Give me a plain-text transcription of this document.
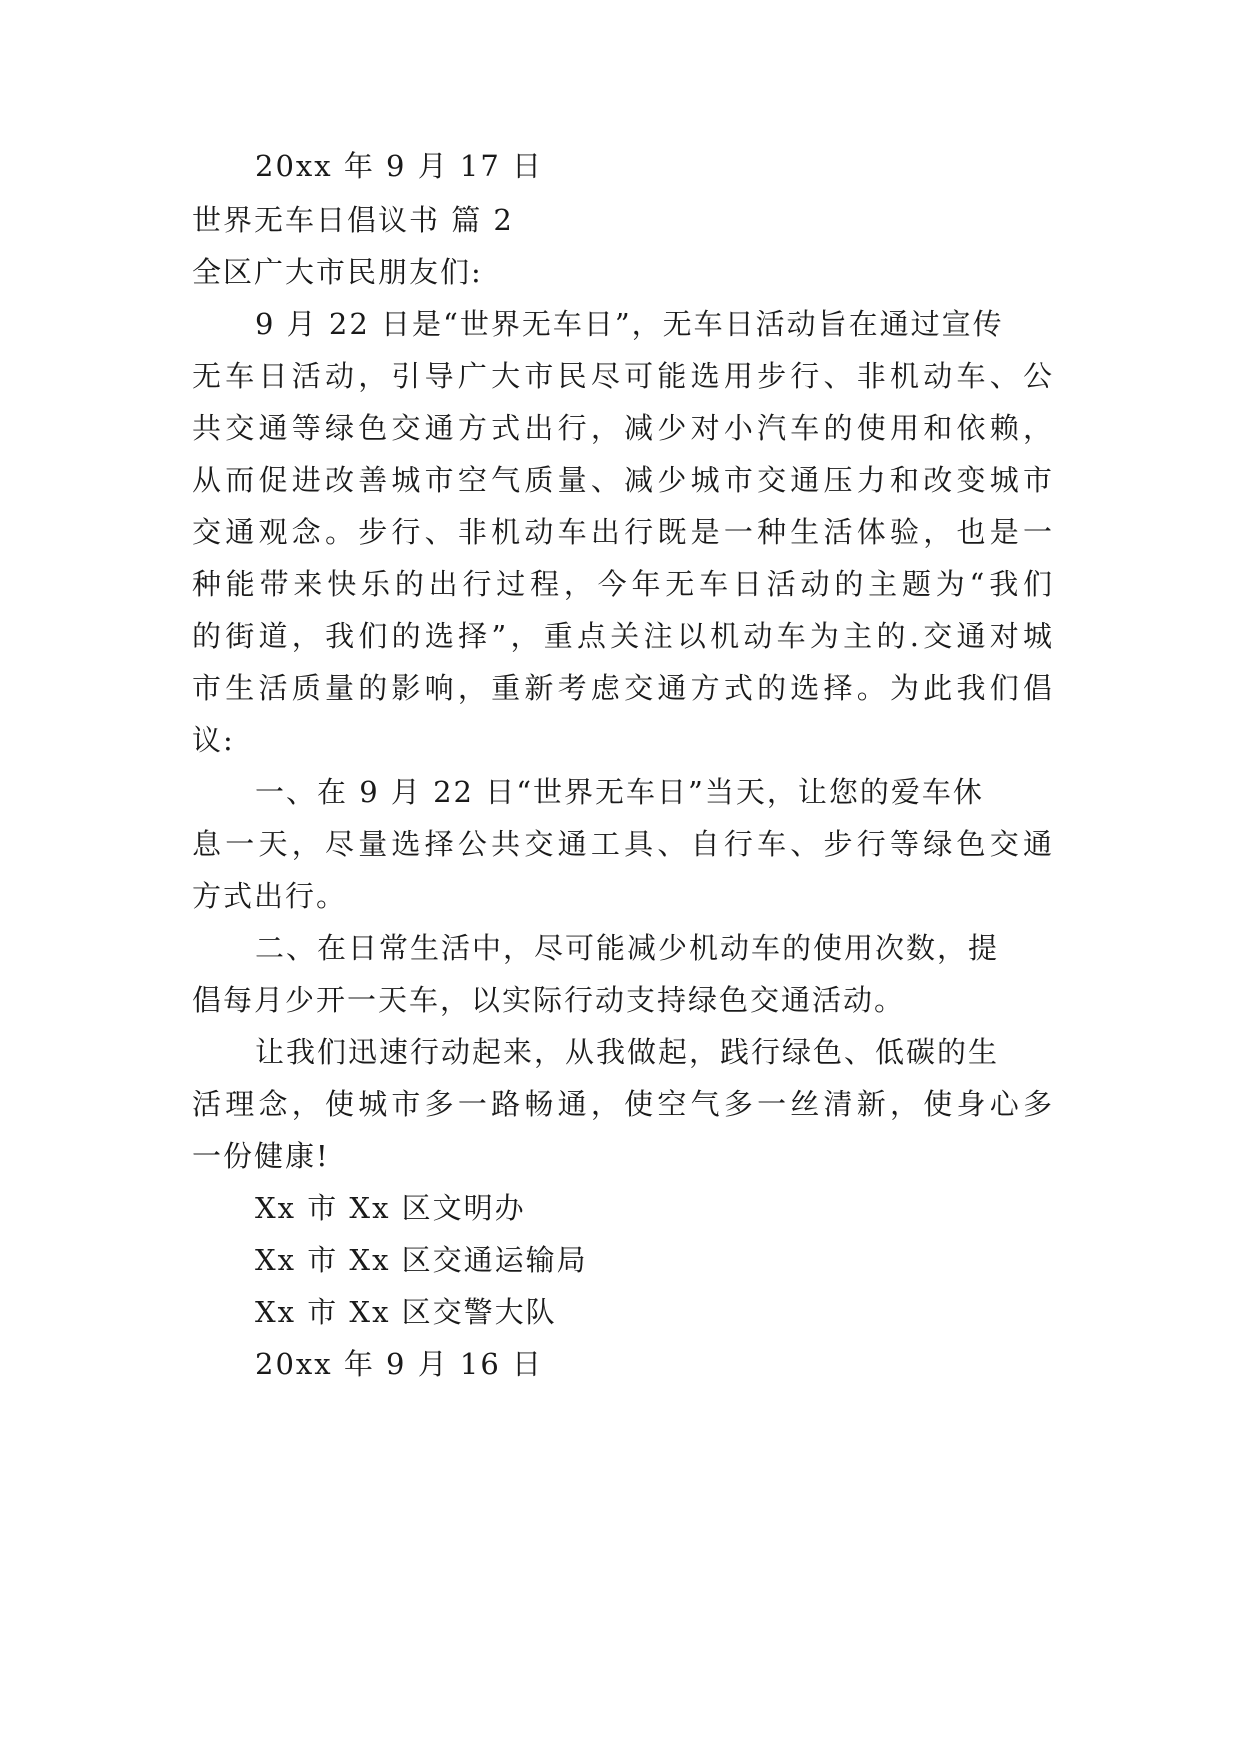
20xx 年 9 月 17 日
世界无车日倡议书 篇 2
全区广大市民朋友们:
9 月 22 日是“世界无车日”，无车日活动旨在通过宣传
无车日活动，引导广大市民尽可能选用步行、非机动车、公
共交通等绿色交通方式出行，减少对小汽车的使用和依赖，
从而促进改善城市空气质量、减少城市交通压力和改变城市
交通观念。步行、非机动车出行既是一种生活体验，也是一
种能带来快乐的出行过程，今年无车日活动的主题为“我们
的街道，我们的选择”，重点关注以机动车为主的.交通对城
市生活质量的影响，重新考虑交通方式的选择。为此我们倡
议:
一、在 9 月 22 日“世界无车日”当天，让您的爱车休
息一天，尽量选择公共交通工具、自行车、步行等绿色交通
方式出行。
二、在日常生活中，尽可能减少机动车的使用次数，提
倡每月少开一天车，以实际行动支持绿色交通活动。
让我们迅速行动起来，从我做起，践行绿色、低碳的生
活理念，使城市多一路畅通，使空气多一丝清新，使身心多
一份健康!
Xx 市 Xx 区文明办
Xx 市 Xx 区交通运输局
Xx 市 Xx 区交警大队
20xx 年 9 月 16 日
